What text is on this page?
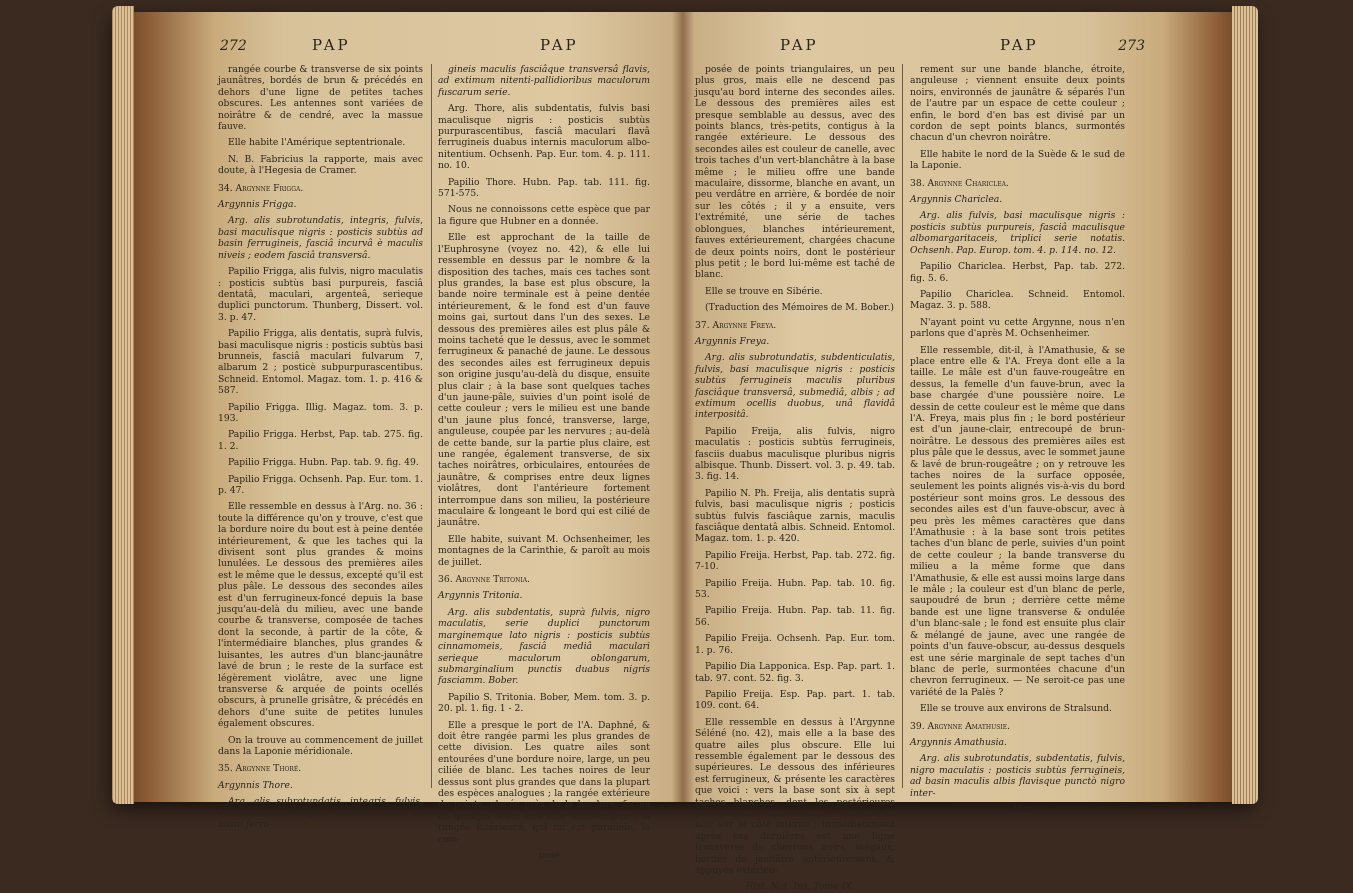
272	PAP	PAP

rangée courbe & transverse de six points jaunâtres, bordés de brun & précédés en dehors d'une ligne de petites taches obscures. Les antennes sont variées de noirâtre & de cendré, avec la massue fauve.

Elle habite l'Amérique septentrionale.

N. B. Fabricius la rapporte, mais avec doute, à l'Hegesia de Cramer.

34. Argynne Frigga.

Argynnis Frigga.

Arg. alis subrotundatis, integris, fulvis, basi maculisque nigris : posticis subtùs ad basin ferrugineis, fasciâ incurvâ è maculis niveis ; eodem fasciâ transversâ.

Papilio Frigga, alis fulvis, nigro maculatis : posticis subtùs basi purpureis, fasciâ dentatâ, maculari, argenteâ, serieque duplici punctorum. Thunberg, Dissert. vol. 3. p. 47.

Papilio Frigga, alis dentatis, suprà fulvis, basi maculisque nigris : posticis subtùs basi brunneis, fasciâ maculari fulvarum 7, albarum 2 ; posticè subpurpurascentibus. Schneid. Entomol. Magaz. tom. 1. p. 416 & 587.

Papilio Frigga. Illig. Magaz. tom. 3. p. 193.

Papilio Frigga. Herbst, Pap. tab. 275. fig. 1. 2.

Papilio Frigga. Hubn. Pap. tab. 9. fig. 49.

Papilio Frigga. Ochsenh. Pap. Eur. tom. 1. p. 47.

Elle ressemble en dessus à l'Arg. no. 36 : toute la différence qu'on y trouve, c'est que la bordure noire du bout est à peine dentée intérieurement, & que les taches qui la divisent sont plus grandes & moins lunulées. Le dessous des premières ailes est le même que le dessus, excepté qu'il est plus pâle. Le dessous des secondes ailes est d'un ferrugineux-foncé depuis la base jusqu'au-delà du milieu, avec une bande courbe & transverse, composée de taches dont la seconde, à partir de la côte, & l'intermédiaire blanches, plus grandes & luisantes, les autres d'un blanc-jaunâtre lavé de brun ; le reste de la surface est légèrement violâtre, avec une ligne transverse & arquée de points ocellés obscurs, à prunelle grisâtre, & précédés en dehors d'une suite de petites lunules également obscures.

On la trouve au commencement de juillet dans la Laponie méridionale.

35. Argynne Thoré.

Argynnis Thore.

Arg. alis subrotundatis, integris, fulvis, basi maculisque nigris ; posticis subtùs ad basin ferru-

gineis maculis fasciâque transversâ flavis, ad extimum nitenti-pallidioribus maculorum fuscarum serie.

Arg. Thore, alis subdentatis, fulvis basi maculisque nigris : posticis subtùs purpurascentibus, fasciâ maculari flavâ ferrugineis duabus internis maculorum albo-nitentium. Ochsenh. Pap. Eur. tom. 4. p. 111. no. 10.

Papilio Thore. Hubn. Pap. tab. 111. fig. 571-575.

Nous ne connoissons cette espèce que par la figure que Hubner en a donnée.

Elle est approchant de la taille de l'Euphrosyne (voyez no. 42), & elle lui ressemble en dessus par le nombre & la disposition des taches, mais ces taches sont plus grandes, la base est plus obscure, la bande noire terminale est à peine dentée intérieurement, & le fond est d'un fauve moins gai, surtout dans l'un des sexes. Le dessous des premières ailes est plus pâle & moins tacheté que le dessus, avec le sommet ferrugineux & panaché de jaune. Le dessous des secondes ailes est ferrugineux depuis son origine jusqu'au-delà du disque, ensuite plus clair ; à la base sont quelques taches d'un jaune-pâle, suivies d'un point isolé de cette couleur ; vers le milieu est une bande d'un jaune plus foncé, transverse, large, anguleuse, coupée par les nervures ; au-delà de cette bande, sur la partie plus claire, est une rangée, également transverse, de six taches noirâtres, orbiculaires, entourées de jaunâtre, & comprises entre deux lignes violâtres, dont l'antérieure fortement interrompue dans son milieu, la postérieure maculaire & longeant le bord qui est cilié de jaunâtre.

Elle habite, suivant M. Ochsenheimer, les montagnes de la Carinthie, & paroît au mois de juillet.

36. Argynne Tritonia.

Argynnis Tritonia.

Arg. alis subdentatis, suprà fulvis, nigro maculatis, serie duplici punctorum marginemque lato nigris : posticis subtùs cinnamomeis, fasciâ mediâ maculari serieque maculorum oblongarum, submarginalium punctis duabus nigris fasciamm. Bober.

Papilio S. Tritonia. Bober, Mem. tom. 3. p. 20. pl. 1. fig. 1 - 2.

Elle a presque le port de l'A. Daphné, & doit être rangée parmi les plus grandes de cette division. Les quatre ailes sont entourées d'une bordure noire, large, un peu ciliée de blanc. Les taches noires de leur dessus sont plus grandes que dans la plupart des espèces analogues ; la rangée extérieure de points, placée près de la bordure, forme en quelque sorte une raie intérrompue ; la rangée intérieure, qui lui est parallèle, le com-

pose

PAP	PAP	273

posée de points triangulaires, un peu plus gros, mais elle ne descend pas jusqu'au bord interne des secondes ailes. Le dessous des premières ailes est presque semblable au dessus, avec des points blancs, très-petits, contigus à la rangée extérieure. Le dessous des secondes ailes est couleur de canelle, avec trois taches d'un vert-blanchâtre à la base même ; le milieu offre une bande maculaire, dissorme, blanche en avant, un peu verdâtre en arrière, & bordée de noir sur les côtés ; il y a ensuite, vers l'extrémité, une série de taches oblongues, blanches intérieurement, fauves extérieurement, chargées chacune de deux points noirs, dont le postérieur plus petit ; le bord lui-même est taché de blanc.

Elle se trouve en Sibérie.

(Traduction des Mémoires de M. Bober.)

37. Argynne Freya.

Argynnis Freya.

Arg. alis subrotundatis, subdenticulatis, fulvis, basi maculisque nigris : posticis subtùs ferrugineis maculis pluribus fasciâque transversâ, submediâ, albis ; ad extimum ocellis duobus, unâ flavidâ interpositâ.

Papilio Freija, alis fulvis, nigro maculatis : posticis subtùs ferrugineis, fasciis duabus maculisque pluribus nigris albisque. Thunb. Dissert. vol. 3. p. 49. tab. 3. fig. 14.

Papilio N. Ph. Freija, alis dentatis suprà fulvis, basi maculisque nigris ; posticis subtùs fulvis fasciâque zarnis, maculis fasciâque dentatâ albis. Schneid. Entomol. Magaz. tom. 1. p. 420.

Papilio Freija. Herbst, Pap. tab. 272. fig. 7-10.

Papilio Freija. Hubn. Pap. tab. 10. fig. 53.

Papilio Freija. Hubn. Pap. tab. 11. fig. 56.

Papilio Freija. Ochsenh. Pap. Eur. tom. 1. p. 76.

Papilio Dia Lapponica. Esp. Pap. part. 1. tab. 97. cont. 52. fig. 3.

Papilio Freija. Esp. Pap. part. 1. tab. 109. cont. 64.

Elle ressemble en dessus à l'Argynne Séléné (no. 42), mais elle a la base des quatre ailes plus obscure. Elle lui ressemble également par le dessous des supérieures. Le dessous des inférieures est ferrugineux, & présente les caractères que voici : vers la base sont six à sept taches blanches, dont les postérieures plus grandes, échancrées & bordées de noir sur le côté interne ; immédiatement après ces dernières est une ligne transverse de chevrons noirs, inégaux, bordés de jaunâtre antérieurement, & appuyés extérieu-

Hist. Nat. Ins. Tome IX.

rement sur une bande blanche, étroite, anguleuse ; viennent ensuite deux points noirs, environnés de jaunâtre & séparés l'un de l'autre par un espace de cette couleur ; enfin, le bord d'en bas est divisé par un cordon de sept points blancs, surmontés chacun d'un chevron noirâtre.

Elle habite le nord de la Suède & le sud de la Laponie.

38. Argynne Chariclea.

Argynnis Chariclea.

Arg. alis fulvis, basi maculisque nigris : posticis subtùs purpureis, fasciâ maculisque albomargaritaceis, triplici serie notatis. Ochsenh. Pap. Europ. tom. 4. p. 114. no. 12.

Papilio Chariclea. Herbst, Pap. tab. 272. fig. 5. 6.

Papilio Chariclea. Schneid. Entomol. Magaz. 3. p. 588.

N'ayant point vu cette Argynne, nous n'en parlons que d'après M. Ochsenheimer.

Elle ressemble, dit-il, à l'Amathusie, & se place entre elle & l'A. Freya dont elle a la taille. Le mâle est d'un fauve-rougeâtre en dessus, la femelle d'un fauve-brun, avec la base chargée d'une poussière noire. Le dessin de cette couleur est le même que dans l'A. Freya, mais plus fin ; le bord postérieur est d'un jaune-clair, entrecoupé de brun-noirâtre. Le dessous des premières ailes est plus pâle que le dessus, avec le sommet jaune & lavé de brun-rougeâtre ; on y retrouve les taches noires de la surface opposée, seulement les points alignés vis-à-vis du bord postérieur sont moins gros. Le dessous des secondes ailes est d'un fauve-obscur, avec à peu près les mêmes caractères que dans l'Amathusie : à la base sont trois petites taches d'un blanc de perle, suivies d'un point de cette couleur ; la bande transverse du milieu a la même forme que dans l'Amathusie, & elle est aussi moins large dans le mâle ; la couleur est d'un blanc de perle, saupoudré de brun ; derrière cette même bande est une ligne transverse & ondulée d'un blanc-sale ; le fond est ensuite plus clair & mélangé de jaune, avec une rangée de points d'un fauve-obscur, au-dessus desquels est une série marginale de sept taches d'un blanc de perle, surmontées chacune d'un chevron ferrugineux. — Ne seroit-ce pas une variété de la Palès ?

Elle se trouve aux environs de Stralsund.

39. Argynne Amathusie.

Argynnis Amathusia.

Arg. alis subrotundatis, subdentatis, fulvis, nigro maculatis : posticis subtùs ferrugineis, ad basin maculis albis flavisque punctò nigro inter-

M m
